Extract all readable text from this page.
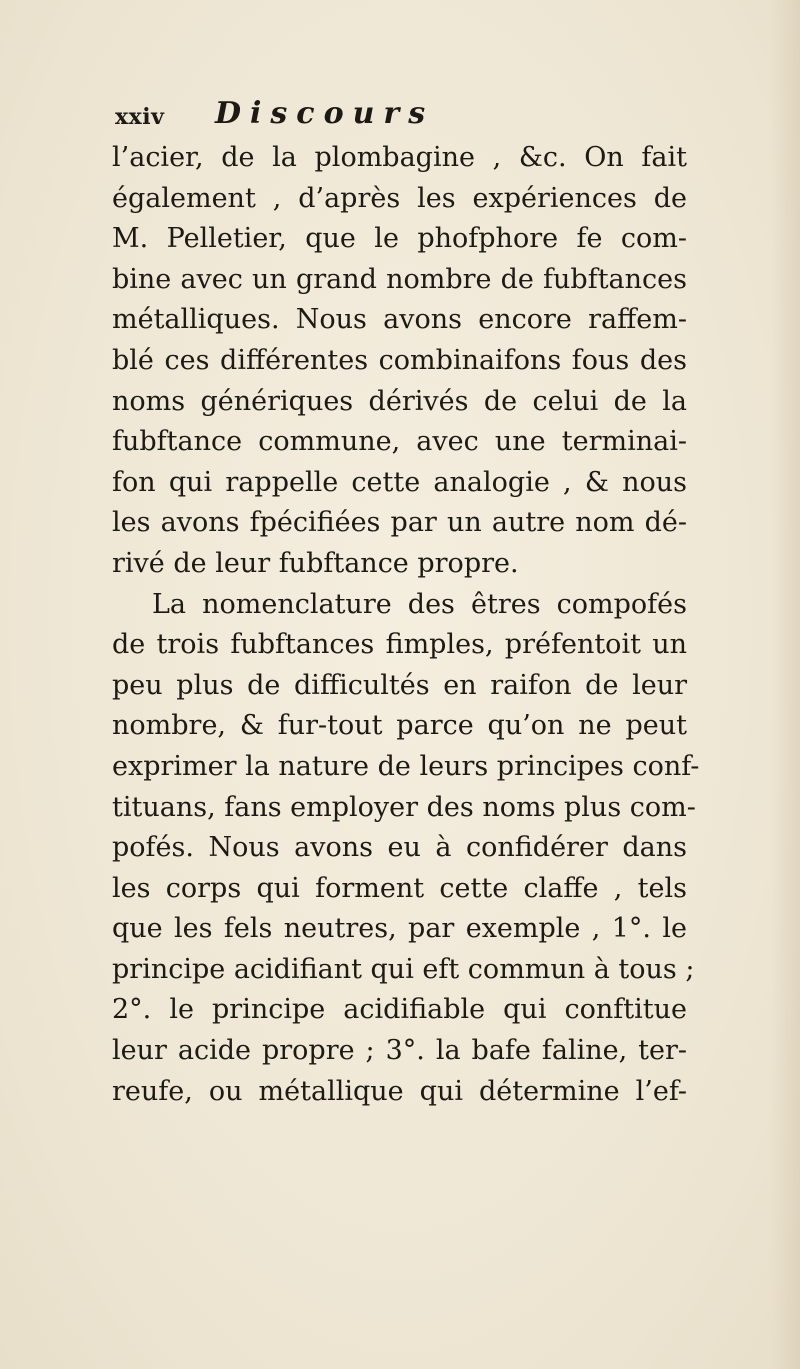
xxiv Discours
l’acier, de la plombagine , &c. On fait
également , d’après les expériences de
M. Pelletier, que le phofphore fe com-
bine avec un grand nombre de fubftances
métalliques. Nous avons encore raffem-
blé ces différentes combinaifons fous des
noms génériques dérivés de celui de la
fubftance commune, avec une terminai-
fon qui rappelle cette analogie , & nous
les avons fpécifiées par un autre nom dé-
rivé de leur fubftance propre.
La nomenclature des êtres compofés
de trois fubftances fimples, préfentoit un
peu plus de difficultés en raifon de leur
nombre, & fur-tout parce qu’on ne peut
exprimer la nature de leurs principes conf-
tituans, fans employer des noms plus com-
pofés. Nous avons eu à confidérer dans
les corps qui forment cette claffe , tels
que les fels neutres, par exemple , 1°. le
principe acidifiant qui eft commun à tous ;
2°. le principe acidifiable qui conftitue
leur acide propre ; 3°. la bafe faline, ter-
reufe, ou métallique qui détermine l’ef-
